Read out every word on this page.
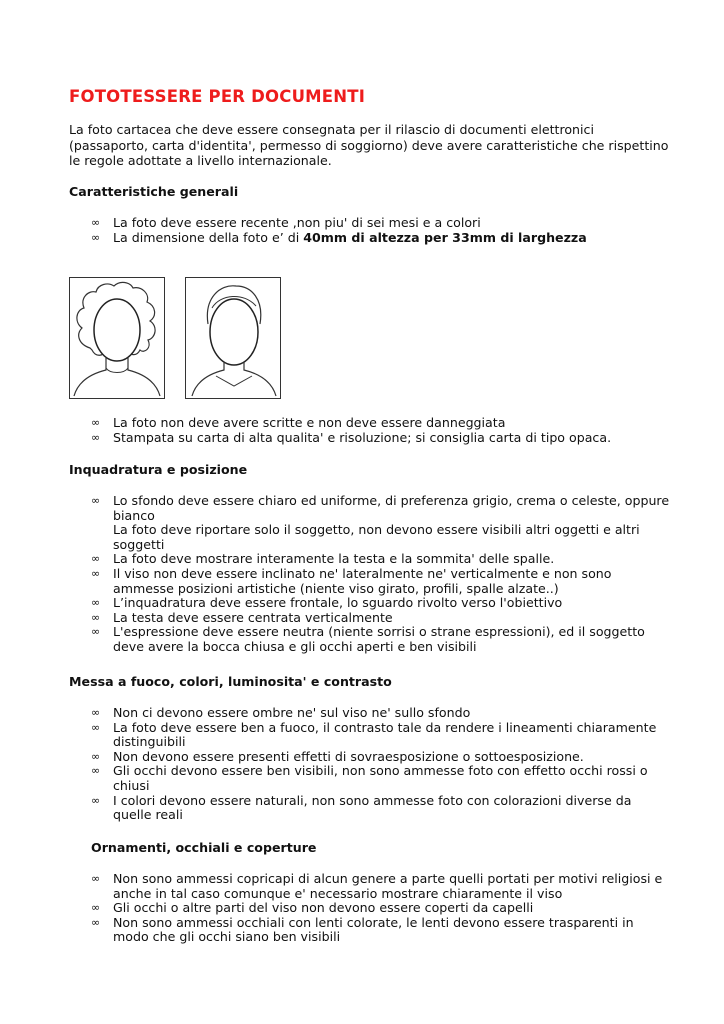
FOTOTESSERE PER DOCUMENTI

La foto cartacea che deve essere consegnata per il rilascio di documenti elettronici (passaporto, carta d'identita', permesso di soggiorno) deve avere caratteristiche che rispettino le regole adottate a livello internazionale.

Caratteristiche generali
∞ La foto deve essere recente ,non piu' di sei mesi e a colori
∞ La dimensione della foto e’ di 40mm di altezza per 33mm di larghezza
∞ La foto non deve avere scritte e non deve essere danneggiata
∞ Stampata su carta di alta qualita' e risoluzione; si consiglia carta di tipo opaca.
Inquadratura e posizione
∞ Lo sfondo deve essere chiaro ed uniforme, di preferenza grigio, crema o celeste, oppure bianco
La foto deve riportare solo il soggetto, non devono essere visibili altri oggetti e altri soggetti
∞ La foto deve mostrare interamente la testa e la sommita' delle spalle.
∞ Il viso non deve essere inclinato ne' lateralmente ne' verticalmente e non sono ammesse posizioni artistiche (niente viso girato, profili, spalle alzate..)
∞ L’inquadratura deve essere frontale, lo sguardo rivolto verso l'obiettivo
∞ La testa deve essere centrata verticalmente
∞ L'espressione deve essere neutra (niente sorrisi o strane espressioni), ed il soggetto deve avere la bocca chiusa e gli occhi aperti e ben visibili
Messa a fuoco, colori, luminosita' e contrasto
∞ Non ci devono essere ombre ne' sul viso ne' sullo sfondo
∞ La foto deve essere ben a fuoco, il contrasto tale da rendere i lineamenti chiaramente distinguibili
∞ Non devono essere presenti effetti di sovraesposizione o sottoesposizione.
∞ Gli occhi devono essere ben visibili, non sono ammesse foto con effetto occhi rossi o chiusi
∞ I colori devono essere naturali, non sono ammesse foto con colorazioni diverse da quelle reali
Ornamenti, occhiali e coperture
∞ Non sono ammessi copricapi di alcun genere a parte quelli portati per motivi religiosi e anche in tal caso comunque e' necessario mostrare chiaramente il viso
∞ Gli occhi o altre parti del viso non devono essere coperti da capelli
∞ Non sono ammessi occhiali con lenti colorate, le lenti devono essere trasparenti in modo che gli occhi siano ben visibili
